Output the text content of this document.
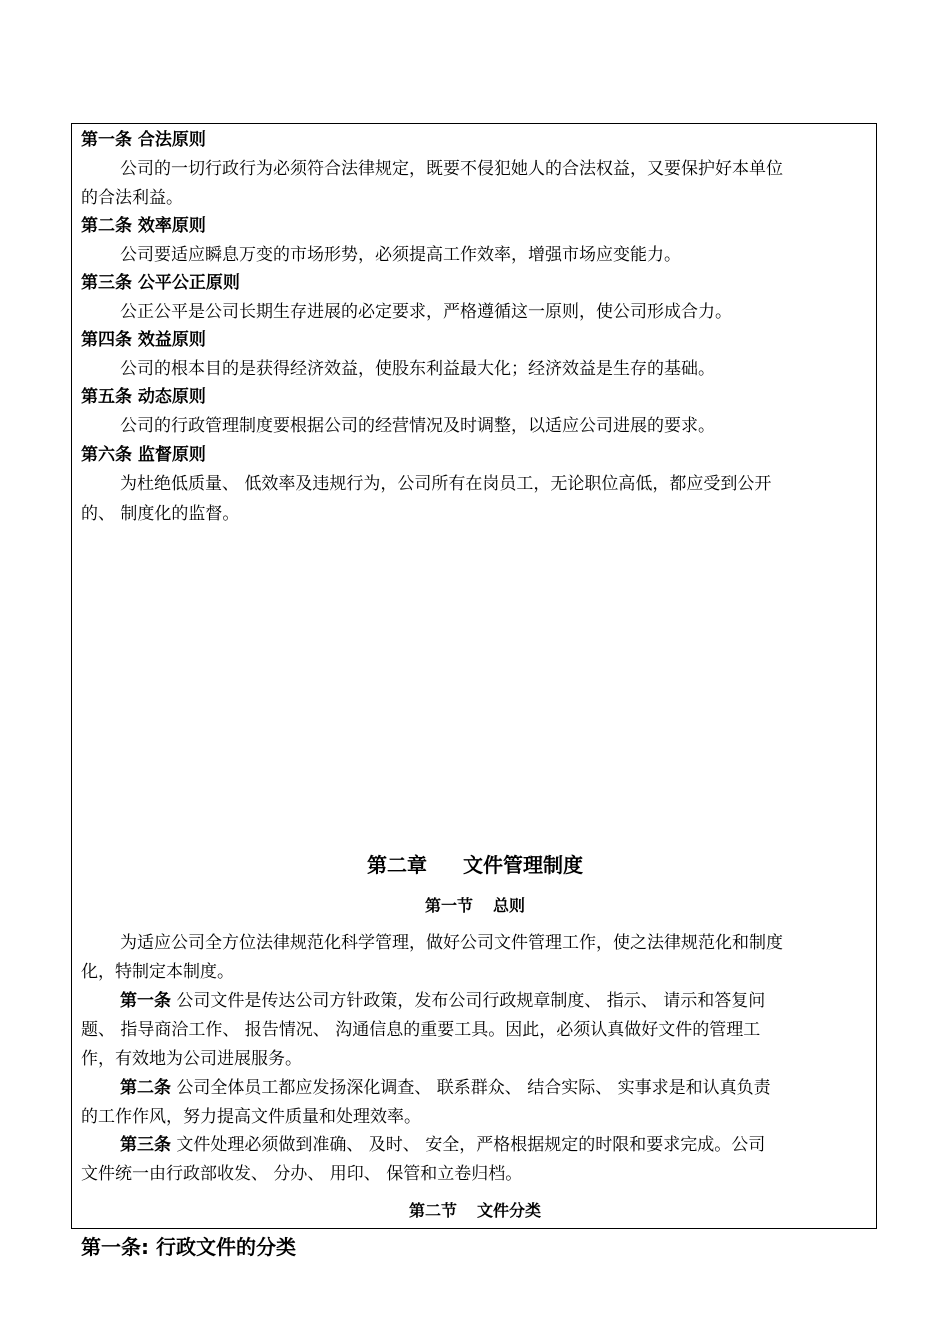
第一条 合法原则
公司的一切行政行为必须符合法律规定，既要不侵犯她人的合法权益，又要保护好本单位
的合法利益。
第二条 效率原则
公司要适应瞬息万变的市场形势，必须提高工作效率，增强市场应变能力。
第三条 公平公正原则
公正公平是公司长期生存进展的必定要求，严格遵循这一原则，使公司形成合力。
第四条 效益原则
公司的根本目的是获得经济效益，使股东利益最大化；经济效益是生存的基础。
第五条 动态原则
公司的行政管理制度要根据公司的经营情况及时调整，以适应公司进展的要求。
第六条 监督原则
为杜绝低质量、 低效率及违规行为，公司所有在岗员工，无论职位高低，都应受到公开
的、 制度化的监督。
第二章 文件管理制度
第一节 总则
为适应公司全方位法律规范化科学管理，做好公司文件管理工作，使之法律规范化和制度
化，特制定本制度。
第一条 公司文件是传达公司方针政策，发布公司行政规章制度、 指示、 请示和答复问
题、 指导商洽工作、 报告情况、 沟通信息的重要工具。因此，必须认真做好文件的管理工
作，有效地为公司进展服务。
第二条 公司全体员工都应发扬深化调查、 联系群众、 结合实际、 实事求是和认真负责
的工作作风，努力提高文件质量和处理效率。
第三条 文件处理必须做到准确、 及时、 安全，严格根据规定的时限和要求完成。公司
文件统一由行政部收发、 分办、 用印、 保管和立卷归档。
第二节 文件分类
第一条: 行政文件的分类
